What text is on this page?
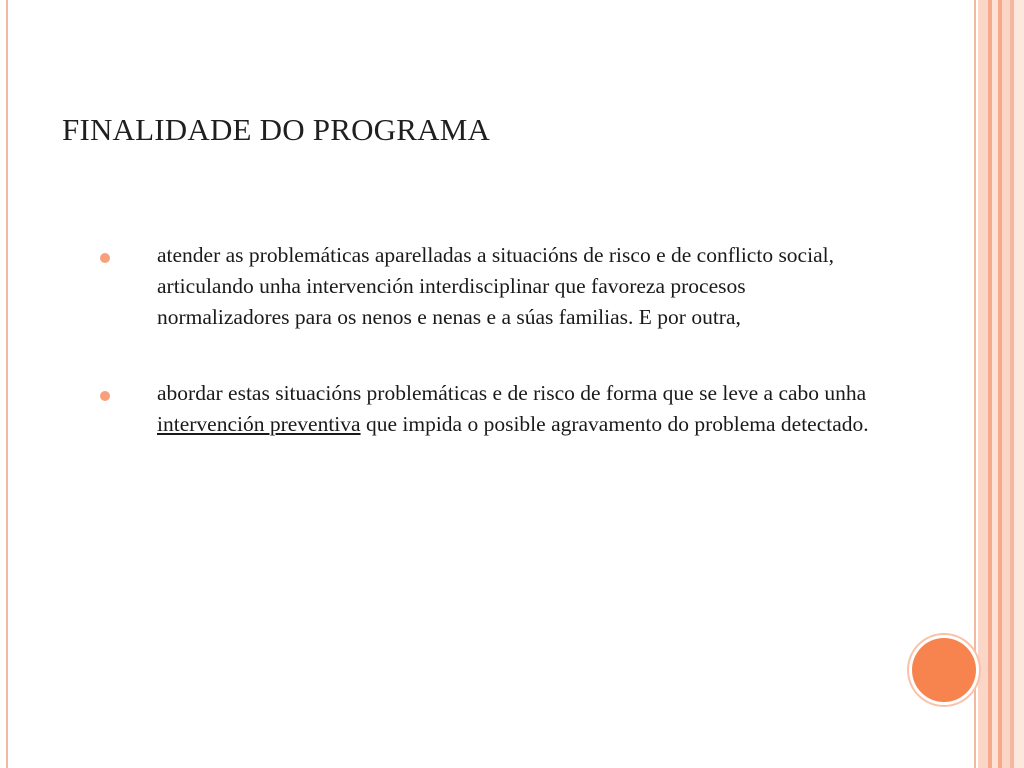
FINALIDADE DO PROGRAMA
atender as problemáticas aparelladas a situacións de risco e de conflicto social, articulando unha intervención interdisciplinar que favoreza procesos normalizadores para os nenos e nenas e a súas familias. E por outra,
abordar estas situacións problemáticas e de risco de forma que se leve a cabo unha intervención preventiva que impida o posible agravamento do problema detectado.
